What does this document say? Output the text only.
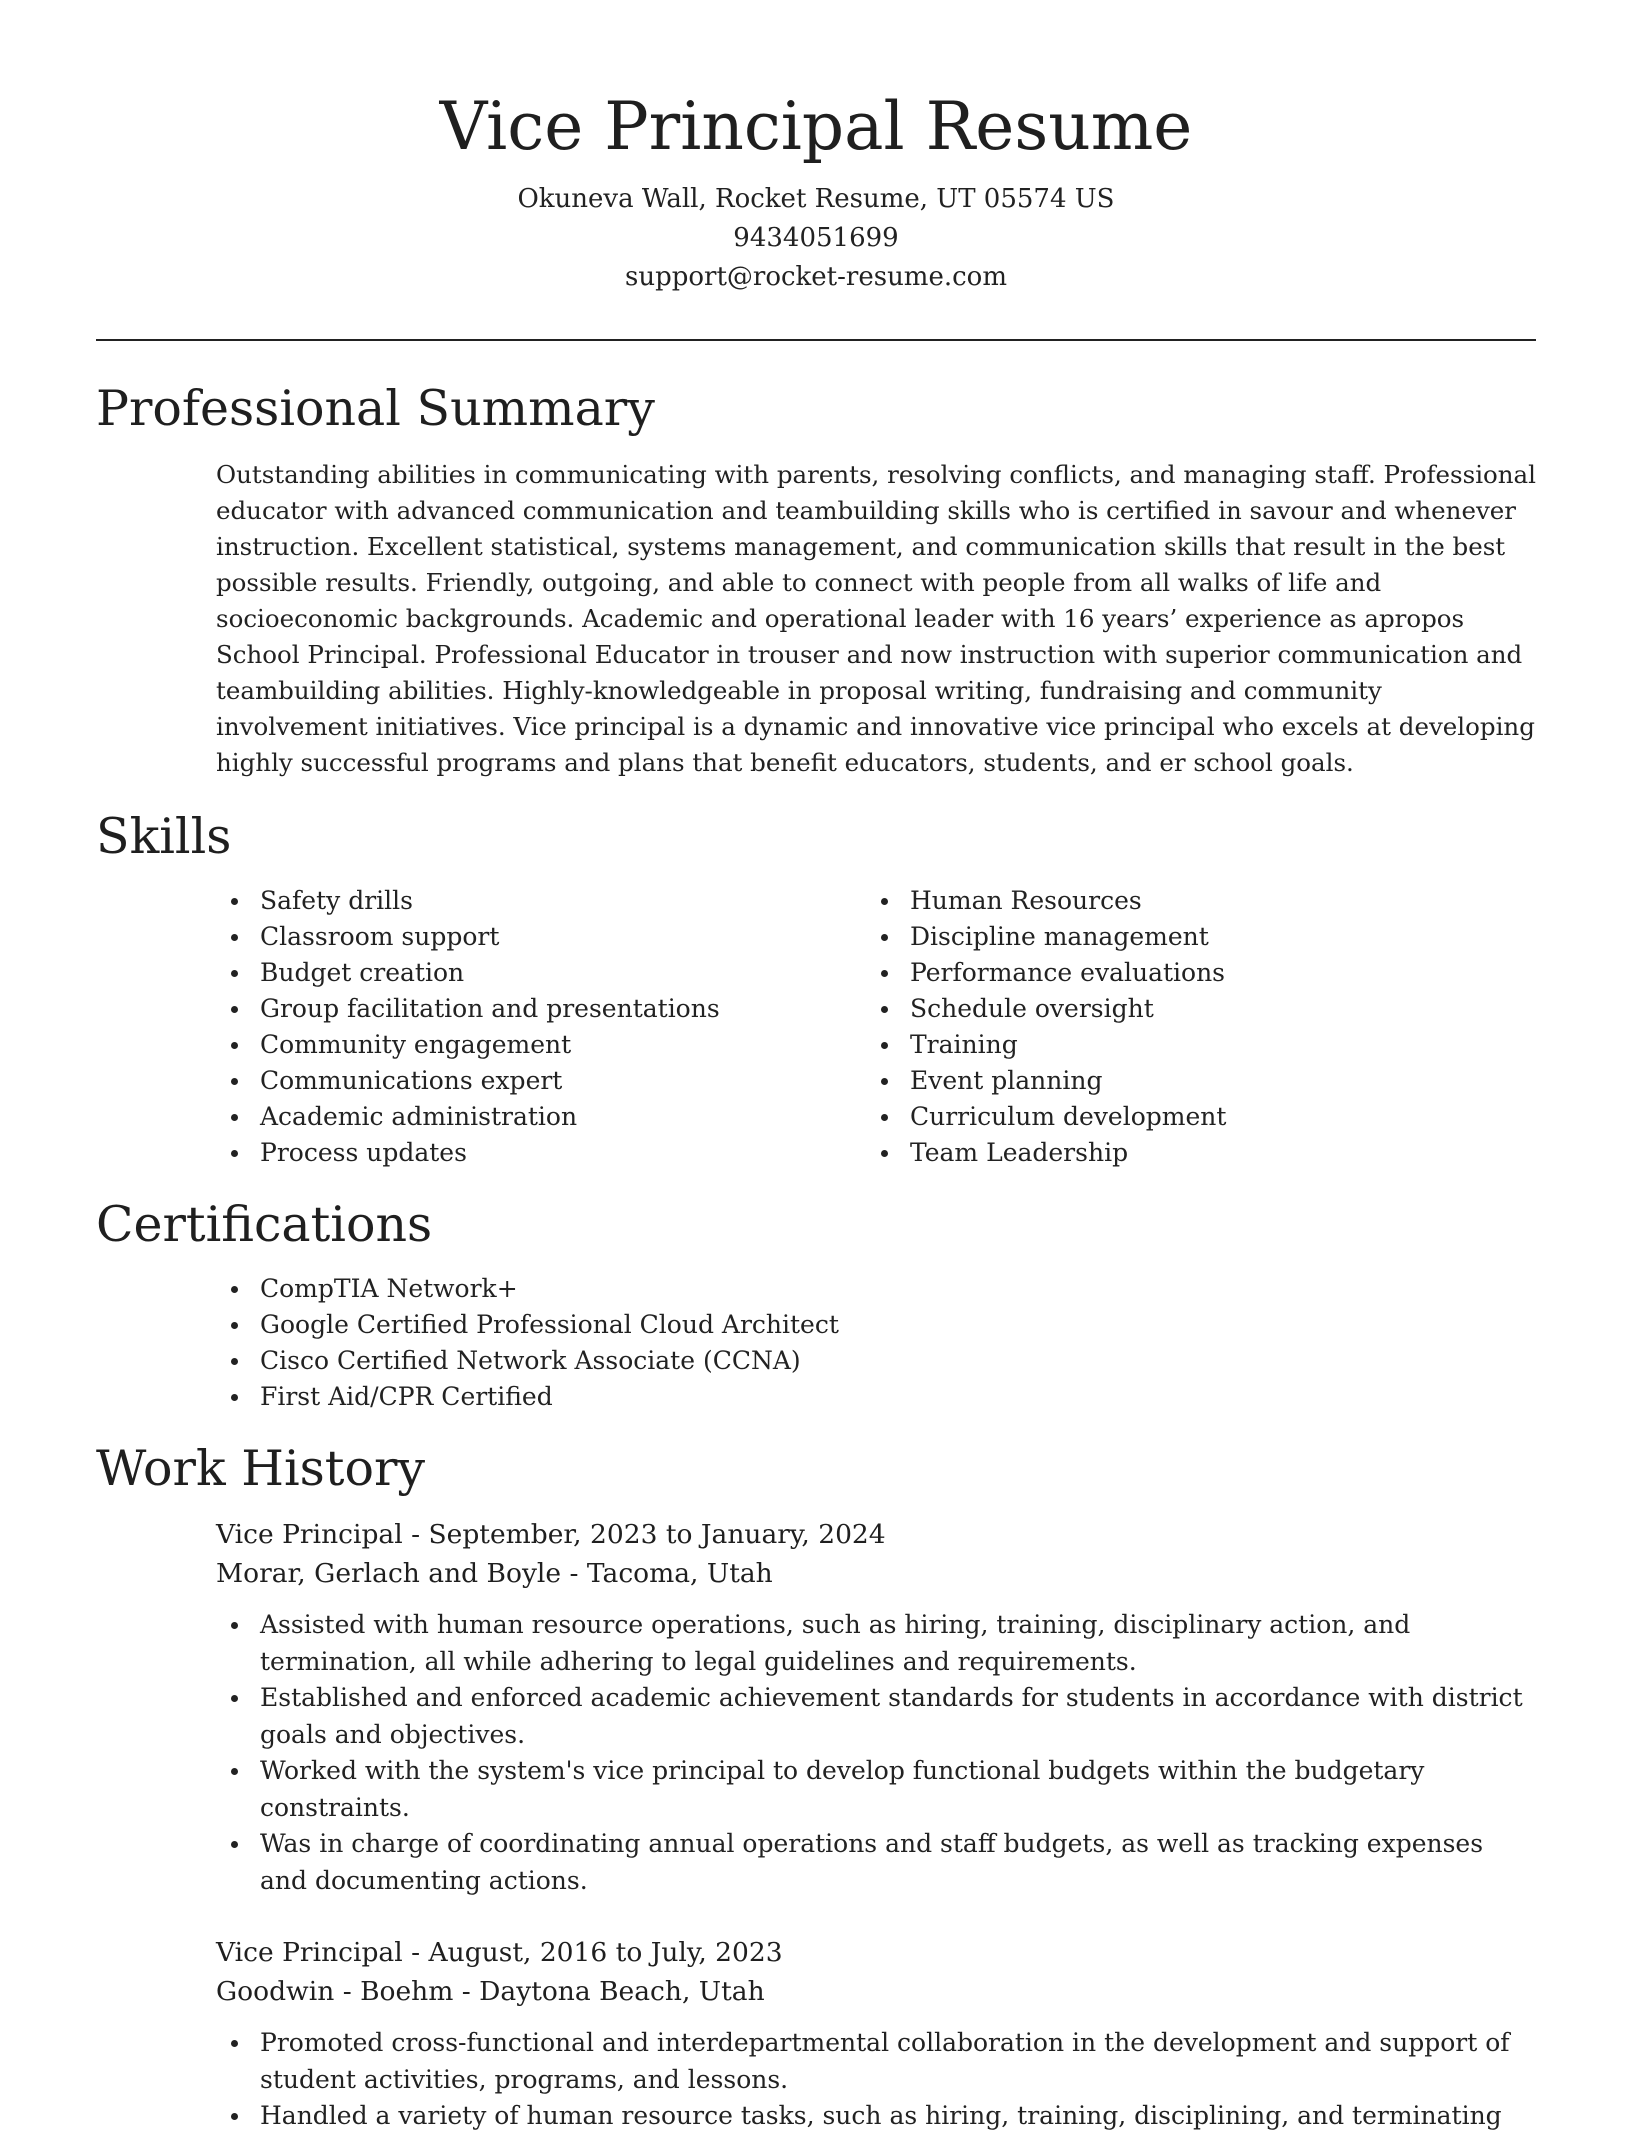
Vice Principal Resume
Okuneva Wall, Rocket Resume, UT 05574 US
9434051699
support@rocket-resume.com
Professional Summary

Outstanding abilities in communicating with parents, resolving conflicts, and managing staff. Professional educator with advanced communication and teambuilding skills who is certified in savour and whenever instruction. Excellent statistical, systems management, and communication skills that result in the best possible results. Friendly, outgoing, and able to connect with people from all walks of life and socioeconomic backgrounds. Academic and operational leader with 16 years’ experience as apropos School Principal. Professional Educator in trouser and now instruction with superior communication and teambuilding abilities. Highly-knowledgeable in proposal writing, fundraising and community involvement initiatives. Vice principal is a dynamic and innovative vice principal who excels at developing highly successful programs and plans that benefit educators, students, and er school goals.

Skills
Safety drills
Classroom support
Budget creation
Group facilitation and presentations
Community engagement
Communications expert
Academic administration
Process updates
Human Resources
Discipline management
Performance evaluations
Schedule oversight
Training
Event planning
Curriculum development
Team Leadership
Certifications
CompTIA Network+
Google Certified Professional Cloud Architect
Cisco Certified Network Associate (CCNA)
First Aid/CPR Certified
Work History
Vice Principal - September, 2023 to January, 2024
Morar, Gerlach and Boyle - Tacoma, Utah
Assisted with human resource operations, such as hiring, training, disciplinary action, and termination, all while adhering to legal guidelines and requirements.
Established and enforced academic achievement standards for students in accordance with district goals and objectives.
Worked with the system's vice principal to develop functional budgets within the budgetary constraints.
Was in charge of coordinating annual operations and staff budgets, as well as tracking expenses and documenting actions.
Vice Principal - August, 2016 to July, 2023
Goodwin - Boehm - Daytona Beach, Utah
Promoted cross-functional and interdepartmental collaboration in the development and support of student activities, programs, and lessons.
Handled a variety of human resource tasks, such as hiring, training, disciplining, and terminating
